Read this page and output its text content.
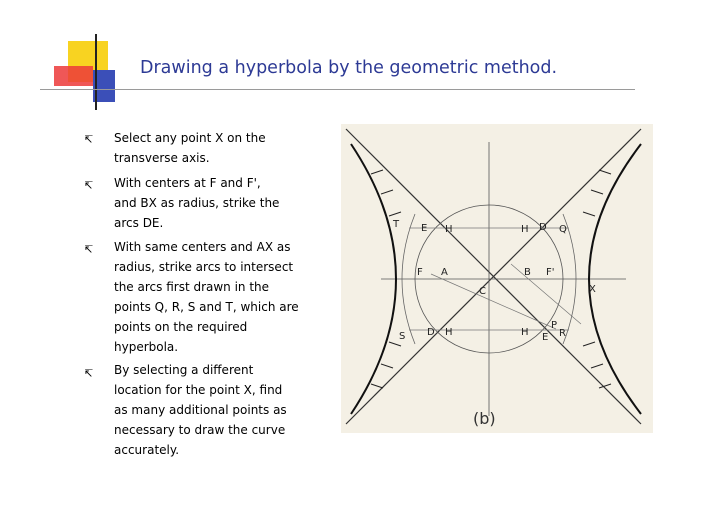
Drawing a hyperbola by the geometric method.
↸ Select any point X on the
transverse axis.
↸ With centers at F and F',
and BX as radius, strike the
arcs DE.
↸ With same centers and AX as
radius, strike arcs to intersect
the arcs first drawn in the
points Q, R, S and T, which are
points on the required
hyperbola.
↸ By selecting a different
location for the point X, find
as many additional points as
necessary to draw the curve
accurately.
T E H	H D Q
F A	B F'
X
C
S D H	H
P
E R
(b)
